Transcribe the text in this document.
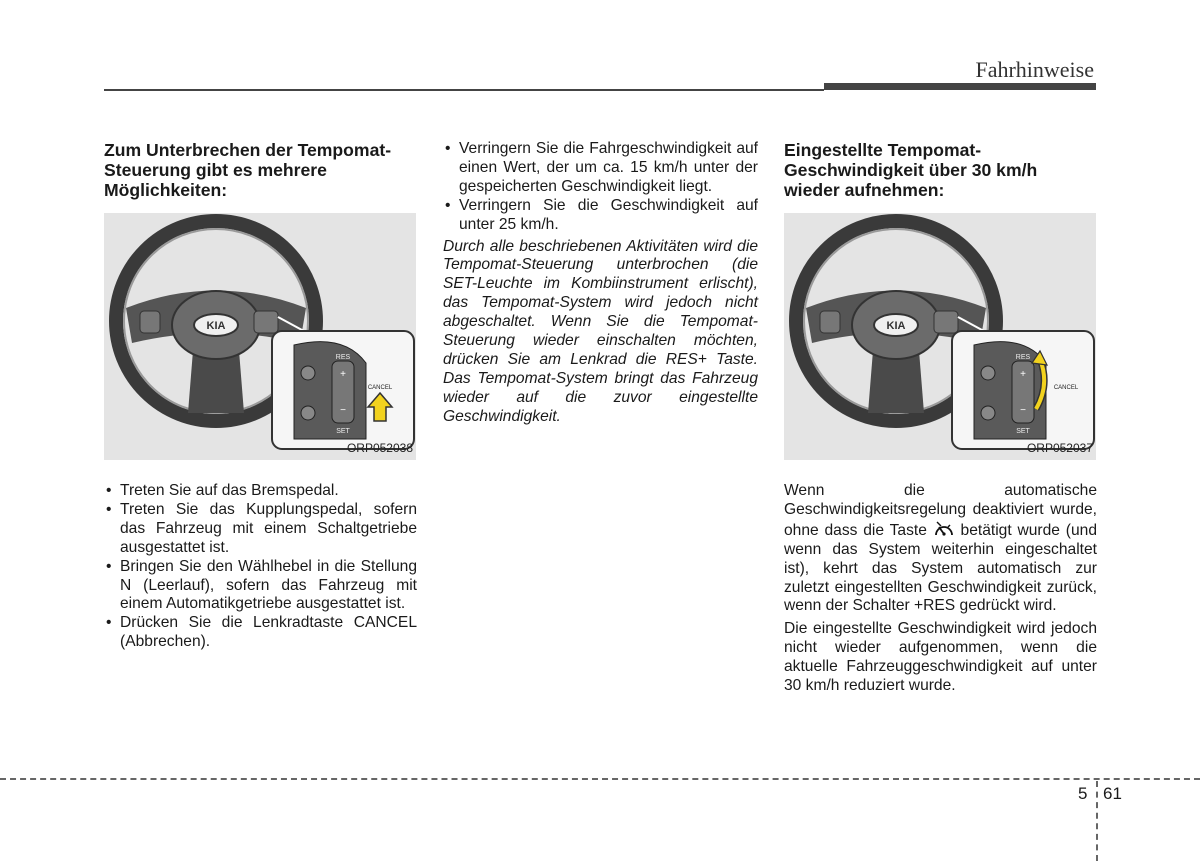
Fahrhinweise
Zum Unterbrechen der Tempomat-Steuerung gibt es mehrere Möglichkeiten:
KIA
RES
+
−
SET
CANCEL
ORP052038
• Treten Sie auf das Bremspedal.
• Treten Sie das Kupplungspedal, sofern das Fahrzeug mit einem Schaltgetriebe ausgestattet ist.
• Bringen Sie den Wählhebel in die Stellung N (Leerlauf), sofern das Fahrzeug mit einem Automatikgetriebe ausgestattet ist.
• Drücken Sie die Lenkradtaste CANCEL (Abbrechen).
• Verringern Sie die Fahrgeschwindigkeit auf einen Wert, der um ca. 15 km/h unter der gespeicherten Geschwindigkeit liegt.
• Verringern Sie die Geschwindigkeit auf unter 25 km/h.

Durch alle beschriebenen Aktivitäten wird die Tempomat-Steuerung unterbrochen (die SET-Leuchte im Kombiinstrument erlischt), das Tempomat-System wird jedoch nicht abgeschaltet. Wenn Sie die Tempomat-Steuerung wieder einschalten möchten, drücken Sie am Lenkrad die RES+ Taste. Das Tempomat-System bringt das Fahrzeug wieder auf die zuvor eingestellte Geschwindigkeit.

Eingestellte Tempomat-Geschwindigkeit über 30 km/h wieder aufnehmen:
KIA
RES
+
−
SET
CANCEL
ORP052037

Wenn die automatische Geschwindigkeitsregelung deaktiviert wurde, ohne dass die Taste betätigt wurde (und wenn das System weiterhin eingeschaltet ist), kehrt das System automatisch zur zuletzt eingestellten Geschwindigkeit zurück, wenn der Schalter +RES gedrückt wird.

Die eingestellte Geschwindigkeit wird jedoch nicht wieder aufgenommen, wenn die aktuelle Fahrzeuggeschwindigkeit auf unter 30 km/h reduziert wurde.

5 61
